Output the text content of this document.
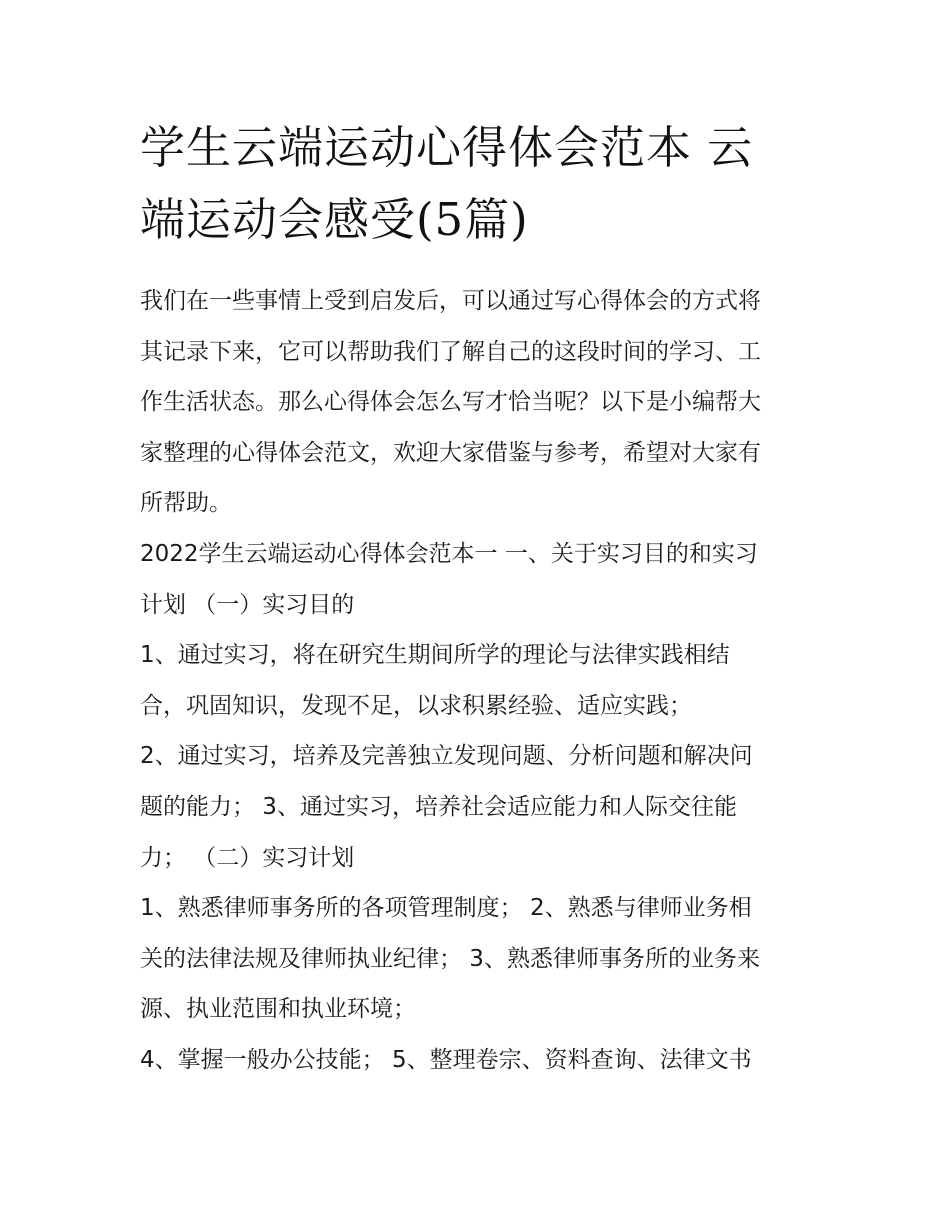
学生云端运动心得体会范本 云
端运动会感受(5篇)

我们在一些事情上受到启发后，可以通过写心得体会的方式将
其记录下来，它可以帮助我们了解自己的这段时间的学习、工
作生活状态。那么心得体会怎么写才恰当呢？以下是小编帮大
家整理的心得体会范文，欢迎大家借鉴与参考，希望对大家有
所帮助。

2022学生云端运动心得体会范本一 一、关于实习目的和实习
计划 （一）实习目的

1、通过实习，将在研究生期间所学的理论与法律实践相结
合，巩固知识，发现不足，以求积累经验、适应实践；

2、通过实习，培养及完善独立发现问题、分析问题和解决问
题的能力； 3、通过实习，培养社会适应能力和人际交往能
力； （二）实习计划

1、熟悉律师事务所的各项管理制度； 2、熟悉与律师业务相
关的法律法规及律师执业纪律； 3、熟悉律师事务所的业务来
源、执业范围和执业环境；

4、掌握一般办公技能； 5、整理卷宗、资料查询、法律文书
